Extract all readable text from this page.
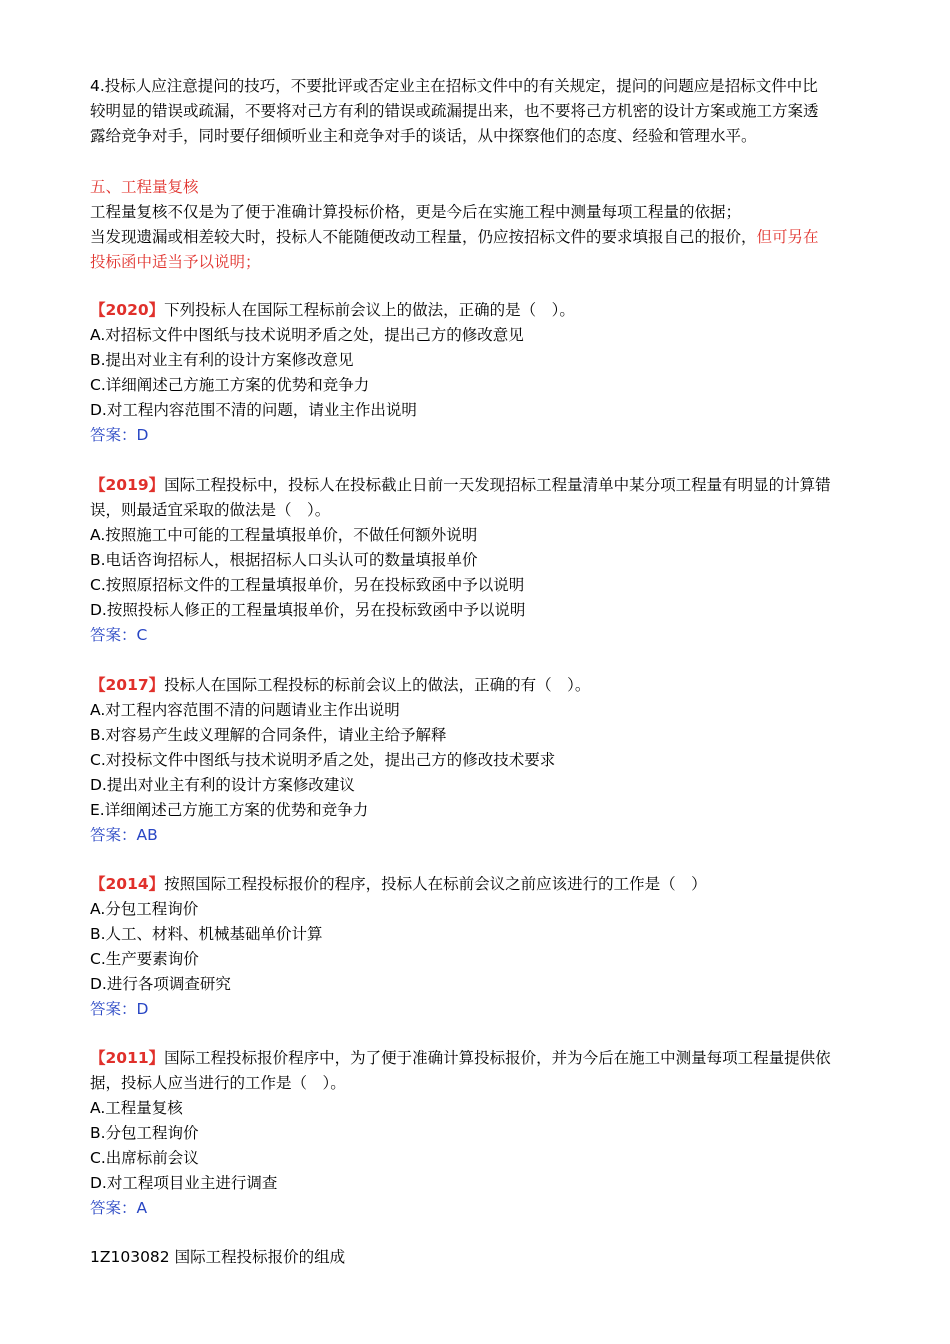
4.投标人应注意提问的技巧，不要批评或否定业主在招标文件中的有关规定，提问的问题应是招标文件中比
较明显的错误或疏漏，不要将对己方有利的错误或疏漏提出来，也不要将己方机密的设计方案或施工方案透
露给竞争对手，同时要仔细倾听业主和竞争对手的谈话，从中探察他们的态度、经验和管理水平。
五、工程量复核
工程量复核不仅是为了便于准确计算投标价格，更是今后在实施工程中测量每项工程量的依据；
当发现遗漏或相差较大时，投标人不能随便改动工程量，仍应按招标文件的要求填报自己的报价，但可另在
投标函中适当予以说明；
【2020】下列投标人在国际工程标前会议上的做法，正确的是（　）。
A.对招标文件中图纸与技术说明矛盾之处，提出己方的修改意见
B.提出对业主有利的设计方案修改意见
C.详细阐述己方施工方案的优势和竞争力
D.对工程内容范围不清的问题，请业主作出说明
答案：D
【2019】国际工程投标中，投标人在投标截止日前一天发现招标工程量清单中某分项工程量有明显的计算错
误，则最适宜采取的做法是（　）。
A.按照施工中可能的工程量填报单价，不做任何额外说明
B.电话咨询招标人，根据招标人口头认可的数量填报单价
C.按照原招标文件的工程量填报单价，另在投标致函中予以说明
D.按照投标人修正的工程量填报单价，另在投标致函中予以说明
答案：C
【2017】投标人在国际工程投标的标前会议上的做法，正确的有（　）。
A.对工程内容范围不清的问题请业主作出说明
B.对容易产生歧义理解的合同条件，请业主给予解释
C.对投标文件中图纸与技术说明矛盾之处，提出己方的修改技术要求
D.提出对业主有利的设计方案修改建议
E.详细阐述己方施工方案的优势和竞争力
答案：AB
【2014】按照国际工程投标报价的程序，投标人在标前会议之前应该进行的工作是（　）
A.分包工程询价
B.人工、材料、机械基础单价计算
C.生产要素询价
D.进行各项调查研究
答案：D
【2011】国际工程投标报价程序中，为了便于准确计算投标报价，并为今后在施工中测量每项工程量提供依
据，投标人应当进行的工作是（　）。
A.工程量复核
B.分包工程询价
C.出席标前会议
D.对工程项目业主进行调查
答案：A
1Z103082 国际工程投标报价的组成
